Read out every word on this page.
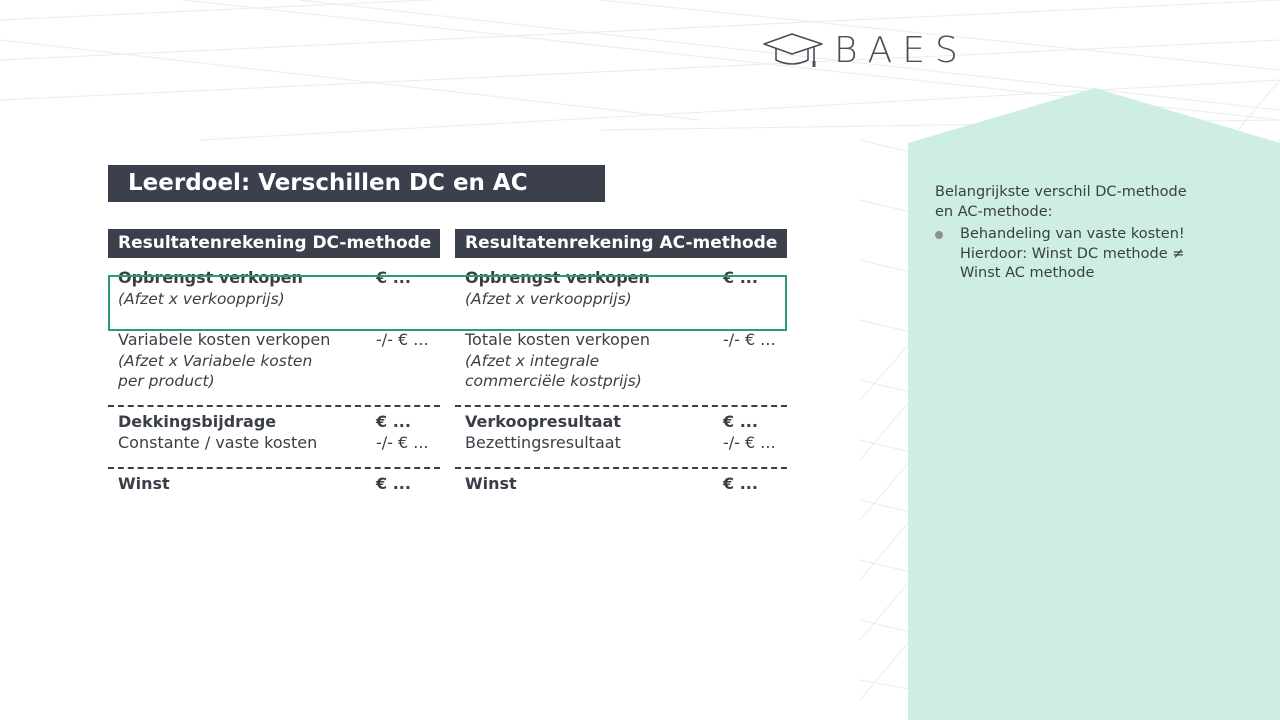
BAES
Leerdoel: Verschillen DC en AC
Resultatenrekening DC-methode	Resultatenrekening AC-methode
Opbrengst verkopen	€ ...
(Afzet x verkoopprijs)
Variabele kosten verkopen	-/- € ...
(Afzet x Variabele kosten
per product)
Dekkingsbijdrage	€ ...
Constante / vaste kosten	-/- € ...
Winst	€ ...
Opbrengst verkopen	€ ...
(Afzet x verkoopprijs)
Totale kosten verkopen	-/- € ...
(Afzet x integrale
commerciële kostprijs)
Verkoopresultaat	€ ...
Bezettingsresultaat	-/- € ...
Winst	€ ...
Belangrijkste verschil DC-methode
en AC-methode:
Behandeling van vaste kosten!
Hierdoor: Winst DC methode ≠
Winst AC methode
